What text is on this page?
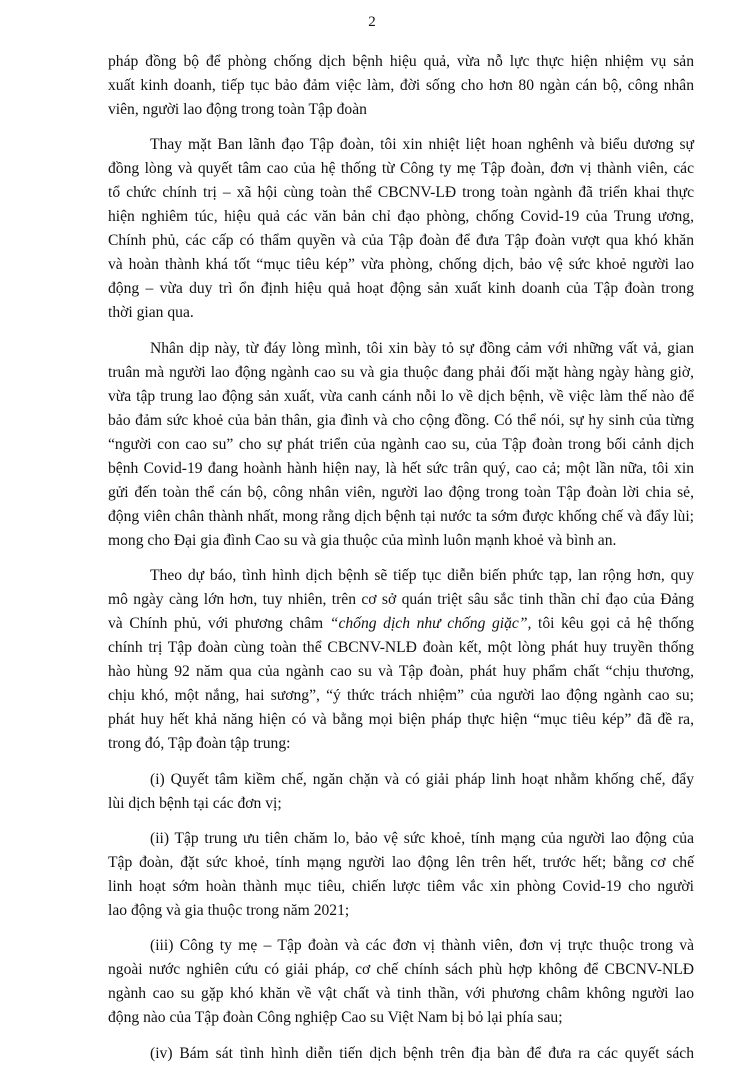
2

pháp đồng bộ để phòng chống dịch bệnh hiệu quả, vừa nỗ lực thực hiện nhiệm vụ sản
xuất kinh doanh, tiếp tục bảo đảm việc làm, đời sống cho hơn 80 ngàn cán bộ, công nhân
viên, người lao động trong toàn Tập đoàn

Thay mặt Ban lãnh đạo Tập đoàn, tôi xin nhiệt liệt hoan nghênh và biểu dương sự
đồng lòng và quyết tâm cao của hệ thống từ Công ty mẹ Tập đoàn, đơn vị thành viên, các
tổ chức chính trị – xã hội cùng toàn thể CBCNV-LĐ trong toàn ngành đã triển khai thực
hiện nghiêm túc, hiệu quả các văn bản chỉ đạo phòng, chống Covid-19 của Trung ương,
Chính phủ, các cấp có thẩm quyền và của Tập đoàn để đưa Tập đoàn vượt qua khó khăn
và hoàn thành khá tốt “mục tiêu kép” vừa phòng, chống dịch, bảo vệ sức khoẻ người lao
động – vừa duy trì ổn định hiệu quả hoạt động sản xuất kinh doanh của Tập đoàn trong
thời gian qua.

Nhân dịp này, từ đáy lòng mình, tôi xin bày tỏ sự đồng cảm với những vất vả, gian
truân mà người lao động ngành cao su và gia thuộc đang phải đối mặt hàng ngày hàng giờ,
vừa tập trung lao động sản xuất, vừa canh cánh nỗi lo về dịch bệnh, về việc làm thế nào để
bảo đảm sức khoẻ của bản thân, gia đình và cho cộng đồng. Có thể nói, sự hy sinh của từng
“người con cao su” cho sự phát triển của ngành cao su, của Tập đoàn trong bối cảnh dịch
bệnh Covid-19 đang hoành hành hiện nay, là hết sức trân quý, cao cả; một lần nữa, tôi xin
gửi đến toàn thể cán bộ, công nhân viên, người lao động trong toàn Tập đoàn lời chia sẻ,
động viên chân thành nhất, mong rằng dịch bệnh tại nước ta sớm được khống chế và đẩy lùi;
mong cho Đại gia đình Cao su và gia thuộc của mình luôn mạnh khoẻ và bình an.

Theo dự báo, tình hình dịch bệnh sẽ tiếp tục diễn biến phức tạp, lan rộng hơn, quy
mô ngày càng lớn hơn, tuy nhiên, trên cơ sở quán triệt sâu sắc tinh thần chỉ đạo của Đảng
và Chính phủ, với phương châm “chống dịch như chống giặc”, tôi kêu gọi cả hệ thống
chính trị Tập đoàn cùng toàn thể CBCNV-NLĐ đoàn kết, một lòng phát huy truyền thống
hào hùng 92 năm qua của ngành cao su và Tập đoàn, phát huy phẩm chất “chịu thương,
chịu khó, một nắng, hai sương”, “ý thức trách nhiệm” của người lao động ngành cao su;
phát huy hết khả năng hiện có và bằng mọi biện pháp thực hiện “mục tiêu kép” đã đề ra,
trong đó, Tập đoàn tập trung:

(i) Quyết tâm kiềm chế, ngăn chặn và có giải pháp linh hoạt nhằm khống chế, đẩy
lùi dịch bệnh tại các đơn vị;

(ii) Tập trung ưu tiên chăm lo, bảo vệ sức khoẻ, tính mạng của người lao động của
Tập đoàn, đặt sức khoẻ, tính mạng người lao động lên trên hết, trước hết; bằng cơ chế
linh hoạt sớm hoàn thành mục tiêu, chiến lược tiêm vắc xin phòng Covid-19 cho người
lao động và gia thuộc trong năm 2021;

(iii) Công ty mẹ – Tập đoàn và các đơn vị thành viên, đơn vị trực thuộc trong và
ngoài nước nghiên cứu có giải pháp, cơ chế chính sách phù hợp không để CBCNV-NLĐ
ngành cao su gặp khó khăn về vật chất và tinh thần, với phương châm không người lao
động nào của Tập đoàn Công nghiệp Cao su Việt Nam bị bỏ lại phía sau;

(iv) Bám sát tình hình diễn tiến dịch bệnh trên địa bàn để đưa ra các quyết sách
